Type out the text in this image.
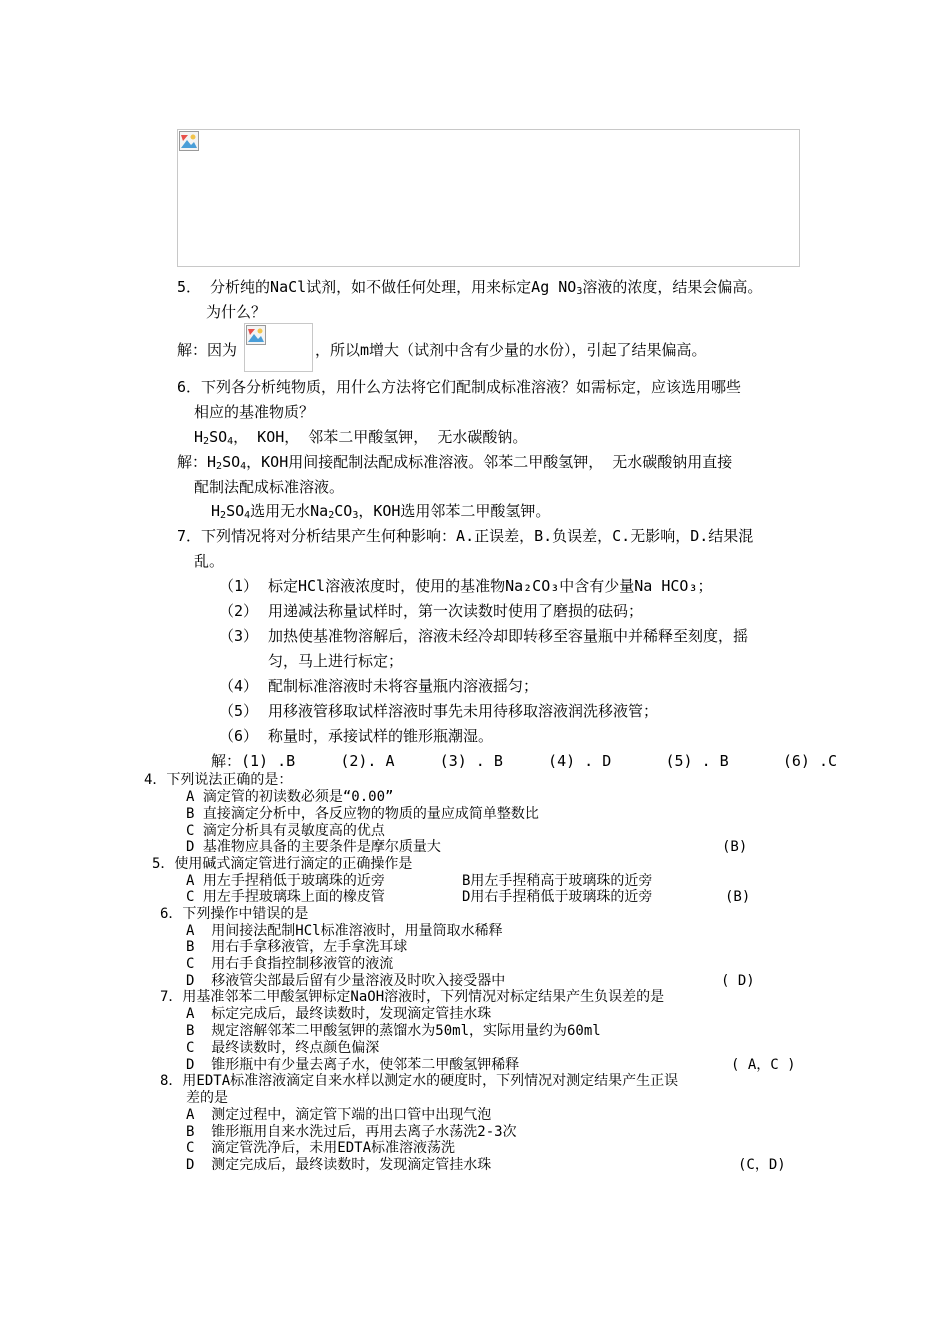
5． 分析纯的NaCl试剂，如不做任何处理，用来标定Ag $NO_3$溶液的浓度，结果会偏高。
为什么？
解：因为	，所以m增大（试剂中含有少量的水份），引起了结果偏高。
6．下列各分析纯物质，用什么方法将它们配制成标准溶液？如需标定，应该选用哪些
相应的基准物质？
$H_2SO_4$， KOH， 邻苯二甲酸氢钾， 无水碳酸钠。
解：$H_2SO_4$，KOH用间接配制法配成标准溶液。邻苯二甲酸氢钾， 无水碳酸钠用直接
配制法配成标准溶液。
$H_2SO_4$选用无水$Na_2CO_3$，KOH选用邻苯二甲酸氢钾。
7．下列情况将对分析结果产生何种影响：A.正误差，B.负误差，C.无影响，D.结果混
乱。
（1） 标定HCl溶液浓度时，使用的基准物Na₂CO₃中含有少量Na HCO₃；
（2） 用递减法称量试样时，第一次读数时使用了磨损的砝码；
（3） 加热使基准物溶解后，溶液未经冷却即转移至容量瓶中并稀释至刻度，摇
匀，马上进行标定；
（4） 配制标准溶液时未将容量瓶内溶液摇匀；
（5） 用移液管移取试样溶液时事先未用待移取溶液润洗移液管；
（6） 称量时，承接试样的锥形瓶潮湿。
解：(1) .B     (2). A     (3) . B     (4) . D      (5) . B      (6) .C
4．下列说法正确的是：
A 滴定管的初读数必须是“0.00”
B 直接滴定分析中，各反应物的物质的量应成简单整数比
C 滴定分析具有灵敏度高的优点
D 基准物应具备的主要条件是摩尔质量大	(B)
5．使用碱式滴定管进行滴定的正确操作是
A 用左手捏稍低于玻璃珠的近旁	B用左手捏稍高于玻璃珠的近旁
C 用左手捏玻璃珠上面的橡皮管	D用右手捏稍低于玻璃珠的近旁	(B)
6．下列操作中错误的是
A  用间接法配制HCl标准溶液时，用量筒取水稀释
B  用右手拿移液管，左手拿洗耳球
C  用右手食指控制移液管的液流
D  移液管尖部最后留有少量溶液及时吹入接受器中	( D)
7．用基准邻苯二甲酸氢钾标定NaOH溶液时，下列情况对标定结果产生负误差的是
A  标定完成后，最终读数时，发现滴定管挂水珠
B  规定溶解邻苯二甲酸氢钾的蒸馏水为50ml，实际用量约为60ml
C  最终读数时，终点颜色偏深
D  锥形瓶中有少量去离子水，使邻苯二甲酸氢钾稀释	( A，C )
8．用EDTA标准溶液滴定自来水样以测定水的硬度时，下列情况对测定结果产生正误
差的是
A  测定过程中，滴定管下端的出口管中出现气泡
B  锥形瓶用自来水洗过后，再用去离子水荡洗2-3次
C  滴定管洗净后，未用EDTA标准溶液荡洗
D  测定完成后，最终读数时，发现滴定管挂水珠	(C，D)
